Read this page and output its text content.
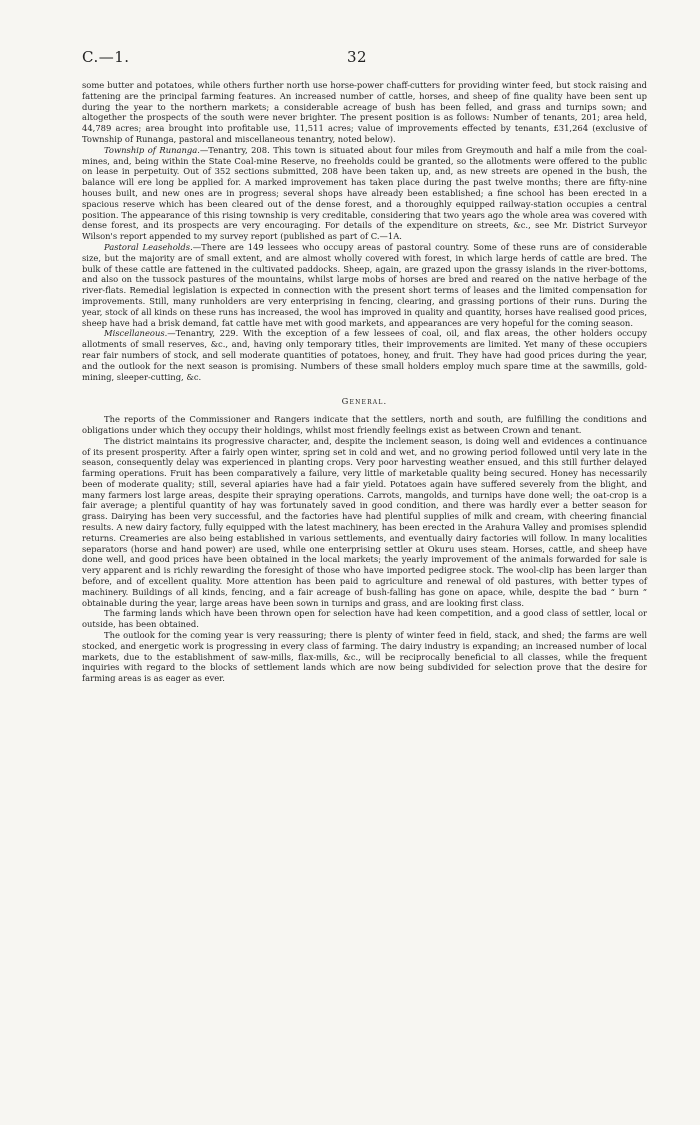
C.—1.	32

some butter and potatoes, while others further north use horse-power chaff-cutters for providing winter feed, but stock raising and fattening are the principal farming features. An increased number of cattle, horses, and sheep of fine quality have been sent up during the year to the northern markets; a considerable acreage of bush has been felled, and grass and turnips sown; and altogether the prospects of the south were never brighter. The present position is as follows: Number of tenants, 201; area held, 44,789 acres; area brought into profitable use, 11,511 acres; value of improvements effected by tenants, £31,264 (exclusive of Township of Runanga, pastoral and miscellaneous tenantry, noted below).

Township of Runanga.—Tenantry, 208. This town is situated about four miles from Greymouth and half a mile from the coal-mines, and, being within the State Coal-mine Reserve, no freeholds could be granted, so the allotments were offered to the public on lease in perpetuity. Out of 352 sections submitted, 208 have been taken up, and, as new streets are opened in the bush, the balance will ere long be applied for. A marked improvement has taken place during the past twelve months; there are fifty-nine houses built, and new ones are in progress; several shops have already been established; a fine school has been erected in a spacious reserve which has been cleared out of the dense forest, and a thoroughly equipped railway-station occupies a central position. The appearance of this rising township is very creditable, considering that two years ago the whole area was covered with dense forest, and its prospects are very encouraging. For details of the expenditure on streets, &c., see Mr. District Surveyor Wilson's report appended to my survey report (published as part of C.—1A.

Pastoral Leaseholds.—There are 149 lessees who occupy areas of pastoral country. Some of these runs are of considerable size, but the majority are of small extent, and are almost wholly covered with forest, in which large herds of cattle are bred. The bulk of these cattle are fattened in the cultivated paddocks. Sheep, again, are grazed upon the grassy islands in the river-bottoms, and also on the tussock pastures of the mountains, whilst large mobs of horses are bred and reared on the native herbage of the river-flats. Remedial legislation is expected in connection with the present short terms of leases and the limited compensation for improvements. Still, many runholders are very enterprising in fencing, clearing, and grassing portions of their runs. During the year, stock of all kinds on these runs has increased, the wool has improved in quality and quantity, horses have realised good prices, sheep have had a brisk demand, fat cattle have met with good markets, and appearances are very hopeful for the coming season.

Miscellaneous.—Tenantry, 229. With the exception of a few lessees of coal, oil, and flax areas, the other holders occupy allotments of small reserves, &c., and, having only temporary titles, their improvements are limited. Yet many of these occupiers rear fair numbers of stock, and sell moderate quantities of potatoes, honey, and fruit. They have had good prices during the year, and the outlook for the next season is promising. Numbers of these small holders employ much spare time at the sawmills, gold-mining, sleeper-cutting, &c.

General.

The reports of the Commissioner and Rangers indicate that the settlers, north and south, are fulfilling the conditions and obligations under which they occupy their holdings, whilst most friendly feelings exist as between Crown and tenant.

The district maintains its progressive character, and, despite the inclement season, is doing well and evidences a continuance of its present prosperity. After a fairly open winter, spring set in cold and wet, and no growing period followed until very late in the season, consequently delay was experienced in planting crops. Very poor harvesting weather ensued, and this still further delayed farming operations. Fruit has been comparatively a failure, very little of marketable quality being secured. Honey has necessarily been of moderate quality; still, several apiaries have had a fair yield. Potatoes again have suffered severely from the blight, and many farmers lost large areas, despite their spraying operations. Carrots, mangolds, and turnips have done well; the oat-crop is a fair average; a plentiful quantity of hay was fortunately saved in good condition, and there was hardly ever a better season for grass. Dairying has been very successful, and the factories have had plentiful supplies of milk and cream, with cheering financial results. A new dairy factory, fully equipped with the latest machinery, has been erected in the Arahura Valley and promises splendid returns. Creameries are also being established in various settlements, and eventually dairy factories will follow. In many localities separators (horse and hand power) are used, while one enterprising settler at Okuru uses steam. Horses, cattle, and sheep have done well, and good prices have been obtained in the local markets; the yearly improvement of the animals forwarded for sale is very apparent and is richly rewarding the foresight of those who have imported pedigree stock. The wool-clip has been larger than before, and of excellent quality. More attention has been paid to agriculture and renewal of old pastures, with better types of machinery. Buildings of all kinds, fencing, and a fair acreage of bush-falling has gone on apace, while, despite the bad “ burn ” obtainable during the year, large areas have been sown in turnips and grass, and are looking first class.

The farming lands which have been thrown open for selection have had keen competition, and a good class of settler, local or outside, has been obtained.

The outlook for the coming year is very reassuring; there is plenty of winter feed in field, stack, and shed; the farms are well stocked, and energetic work is progressing in every class of farming. The dairy industry is expanding; an increased number of local markets, due to the establishment of saw-mills, flax-mills, &c., will be reciprocally beneficial to all classes, while the frequent inquiries with regard to the blocks of settlement lands which are now being subdivided for selection prove that the desire for farming areas is as eager as ever.
